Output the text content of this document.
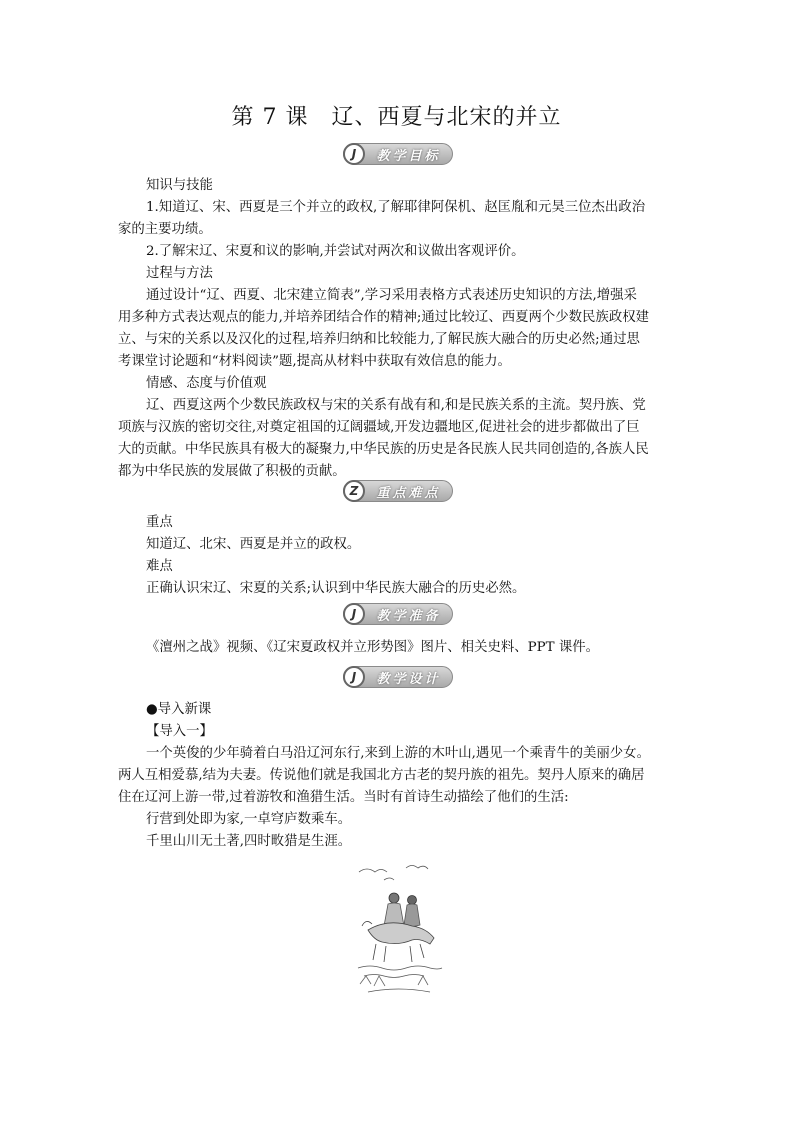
第 7 课　辽、西夏与北宋的并立
J	教学目标
知识与技能
1.知道辽、宋、西夏是三个并立的政权,了解耶律阿保机、赵匡胤和元昊三位杰出政治
家的主要功绩。
2.了解宋辽、宋夏和议的影响,并尝试对两次和议做出客观评价。
过程与方法
通过设计“辽、西夏、北宋建立简表”,学习采用表格方式表述历史知识的方法,增强采
用多种方式表达观点的能力,并培养团结合作的精神;通过比较辽、西夏两个少数民族政权建
立、与宋的关系以及汉化的过程,培养归纳和比较能力,了解民族大融合的历史必然;通过思
考课堂讨论题和“材料阅读”题,提高从材料中获取有效信息的能力。
情感、态度与价值观
辽、西夏这两个少数民族政权与宋的关系有战有和,和是民族关系的主流。契丹族、党
项族与汉族的密切交往,对奠定祖国的辽阔疆域,开发边疆地区,促进社会的进步都做出了巨
大的贡献。中华民族具有极大的凝聚力,中华民族的历史是各民族人民共同创造的,各族人民
都为中华民族的发展做了积极的贡献。
Z	重点难点
重点
知道辽、北宋、西夏是并立的政权。
难点
正确认识宋辽、宋夏的关系;认识到中华民族大融合的历史必然。
J	教学准备
《澶州之战》视频、《辽宋夏政权并立形势图》图片、相关史料、PPT 课件。
J	教学设计
●导入新课
【导入一】
一个英俊的少年骑着白马沿辽河东行,来到上游的木叶山,遇见一个乘青牛的美丽少女。
两人互相爱慕,结为夫妻。传说他们就是我国北方古老的契丹族的祖先。契丹人原来的确居
住在辽河上游一带,过着游牧和渔猎生活。当时有首诗生动描绘了他们的生活:
行营到处即为家,一卓穹庐数乘车。
千里山川无土著,四时畋猎是生涯。
